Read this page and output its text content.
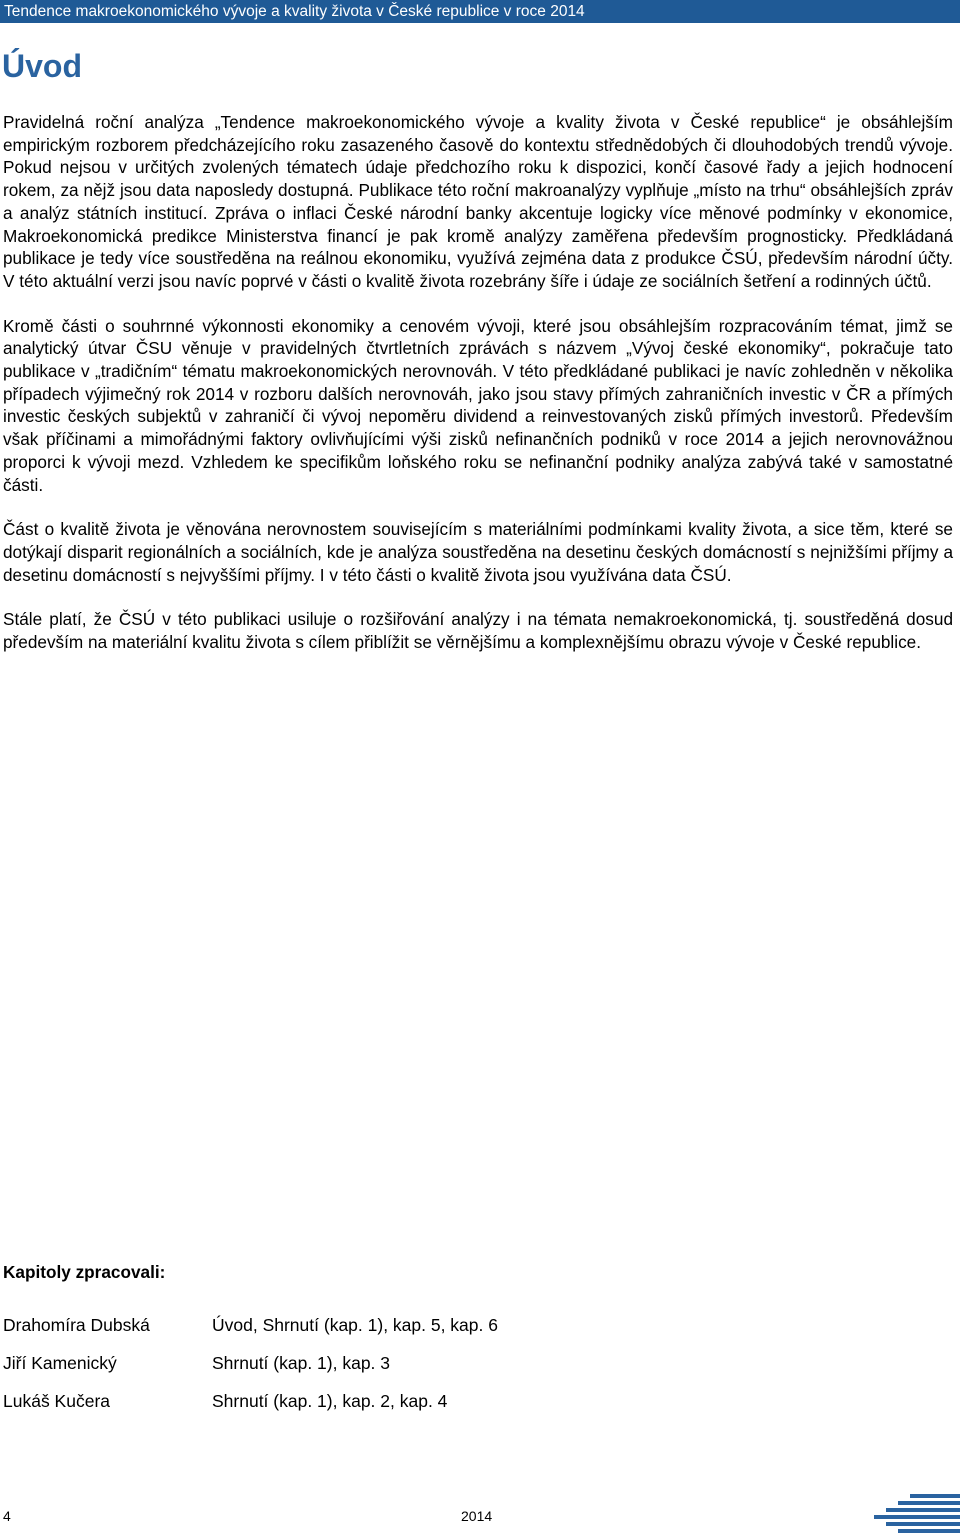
Tendence makroekonomického vývoje a kvality života v České republice v roce 2014
Úvod

Pravidelná roční analýza „Tendence makroekonomického vývoje a kvality života v České republice“ je obsáhlejším empirickým rozborem předcházejícího roku zasazeného časově do kontextu střednědobých či dlouhodobých trendů vývoje. Pokud nejsou v určitých zvolených tématech údaje předchozího roku k dispozici, končí časové řady a jejich hodnocení rokem, za nějž jsou data naposledy dostupná. Publikace této roční makroanalýzy vyplňuje „místo na trhu“ obsáhlejších zpráv a analýz státních institucí. Zpráva o inflaci České národní banky akcentuje logicky více měnové podmínky v ekonomice, Makroekonomická predikce Ministerstva financí je pak kromě analýzy zaměřena především prognosticky. Předkládaná publikace je tedy více soustředěna na reálnou ekonomiku, využívá zejména data z produkce ČSÚ, především národní účty. V této aktuální verzi jsou navíc poprvé v části o kvalitě života rozebrány šíře i údaje ze sociálních šetření a rodinných účtů.

Kromě části o souhrnné výkonnosti ekonomiky a cenovém vývoji, které jsou obsáhlejším rozpracováním témat, jimž se analytický útvar ČSU věnuje v pravidelných čtvrtletních zprávách s názvem „Vývoj české ekonomiky“, pokračuje tato publikace v „tradičním“ tématu makroekonomických nerovnováh. V této předkládané publikaci je navíc zohledněn v několika případech výjimečný rok 2014 v rozboru dalších nerovnováh, jako jsou stavy přímých zahraničních investic v ČR a přímých investic českých subjektů v zahraničí či vývoj nepoměru dividend a reinvestovaných zisků přímých investorů. Především však příčinami a mimořádnými faktory ovlivňujícími výši zisků nefinančních podniků v roce 2014 a jejich nerovnovážnou proporci k vývoji mezd. Vzhledem ke specifikům loňského roku se nefinanční podniky analýza zabývá také v samostatné části.

Část o kvalitě života je věnována nerovnostem souvisejícím s materiálními podmínkami kvality života, a sice těm, které se dotýkají disparit regionálních a sociálních, kde je analýza soustředěna na desetinu českých domácností s nejnižšími příjmy a desetinu domácností s nejvyššími příjmy. I v této části o kvalitě života jsou využívána data ČSÚ.

Stále platí, že ČSÚ v této publikaci usiluje o rozšiřování analýzy i na témata nemakroekonomická, tj. soustředěná dosud především na materiální kvalitu života s cílem přiblížit se věrnějšímu a komplexnějšímu obrazu vývoje v České republice.

Kapitoly zpracovali:
Drahomíra Dubská	Úvod, Shrnutí (kap. 1), kap. 5, kap. 6
Jiří Kamenický	Shrnutí (kap. 1), kap. 3
Lukáš Kučera	Shrnutí (kap. 1), kap. 2, kap. 4
4	2014
